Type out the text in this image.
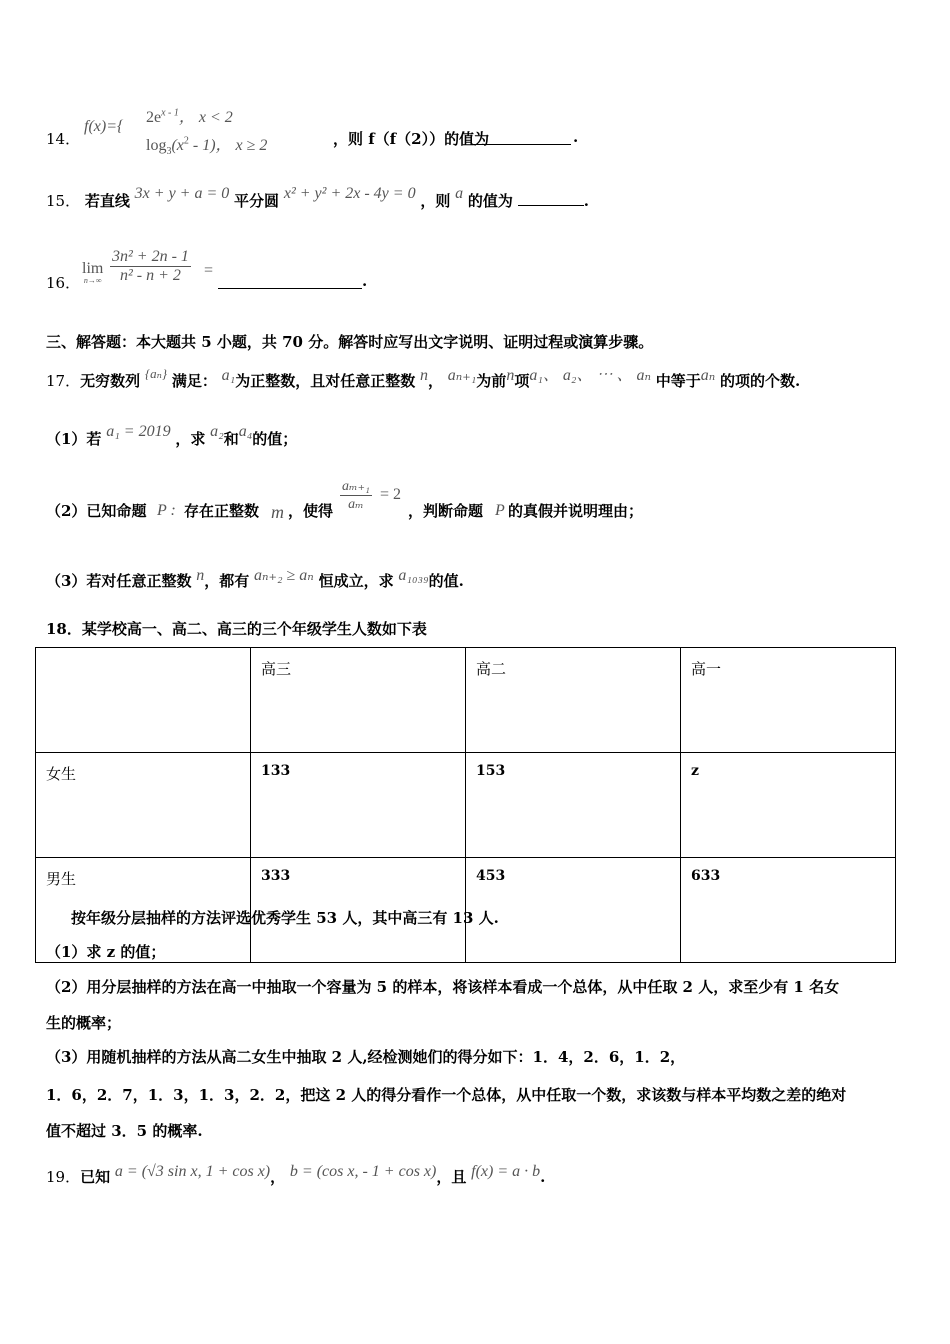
14．
f(x)={
$2e^{x - 1}$， x < 2
$\log_3(x^2 - 1)$， x ≥ 2	，则 f（f（2））的值为	.
15． 若直线 3x + y + a = 0 平分圆 x² + y² + 2x - 4y = 0 ，则 a 的值为	.
16．
lim
$n\to\infty \frac{\text{3n² + 2n - 1}}{\text{n² - n + 2}}$ =
.
三、解答题：本大题共 5 小题，共 70 分。解答时应写出文字说明、证明过程或演算步骤。
17．无穷数列 {aₙ} 满足： a₁为正整数，且对任意正整数 n， aₙ₊₁为前n项a₁、 a₂、 ⋯ 、 aₙ 中等于aₙ 的项的个数.
（1）若 a₁ = 2019 ，求 a₂和a₄的值；
（2）已知命题 P : 存在正整数 m ，使得 $\frac{\text{aₘ₊₁}}{\text{aₘ}} = 2$
，判断命题 P 的真假并说明理由；
（3）若对任意正整数 n，都有 aₙ₊₂ ≥ aₙ 恒成立，求 a₁₀₃₉的值.
18．某学校高一、高二、高三的三个年级学生人数如下表
	高三	高二	高一
女生	133	153	z
男生	333	453	633
按年级分层抽样的方法评选优秀学生 53 人，其中高三有 13 人.
（1）求 z 的值；
（2）用分层抽样的方法在高一中抽取一个容量为 5 的样本，将该样本看成一个总体，从中任取 2 人，求至少有 1 名女
生的概率；
（3）用随机抽样的方法从高二女生中抽取 2 人,经检测她们的得分如下：1．4，2．6，1．2，
1．6，2．7，1．3，1．3，2．2，把这 2 人的得分看作一个总体，从中任取一个数，求该数与样本平均数之差的绝对
值不超过 3．5 的概率.
19．已知 a = (√3 sin x, 1 + cos x)， b = (cos x, - 1 + cos x)，且 f(x) = a · b.
